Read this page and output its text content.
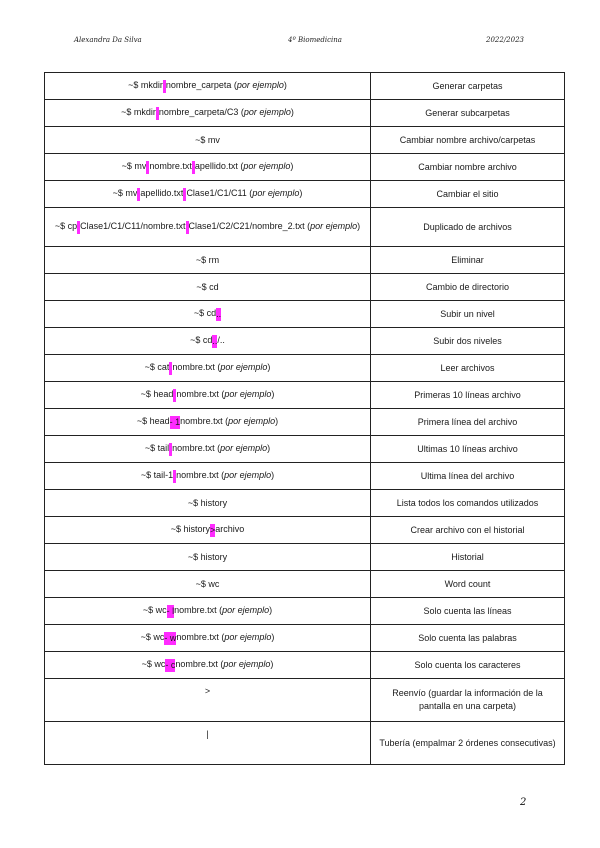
Alexandra Da Silva	4º Biomedicina	2022/2023
~$ mkdir nombre_carpeta (por ejemplo)	Generar carpetas
~$ mkdir nombre_carpeta/C3 (por ejemplo)	Generar subcarpetas
~$ mv	Cambiar nombre archivo/carpetas
~$ mv nombre.txt apellido.txt (por ejemplo)	Cambiar nombre archivo
~$ mv apellido.txt Clase1/C1/C11 (por ejemplo)	Cambiar el sitio
~$ cp Clase1/C1/C11/nombre.txt Clase1/C2/C21/nombre_2.txt (por ejemplo)	Duplicado de archivos
~$ rm	Eliminar
~$ cd	Cambio de directorio
~$ cd..	Subir un nivel
~$ cd../..	Subir dos niveles
~$ cat nombre.txt (por ejemplo)	Leer archivos
~$ head nombre.txt (por ejemplo)	Primeras 10 líneas archivo
~$ head- 1nombre.txt (por ejemplo)	Primera línea del archivo
~$ tail nombre.txt (por ejemplo)	Ultimas 10 líneas archivo
~$ tail-1 nombre.txt (por ejemplo)	Ultima línea del archivo
~$ history	Lista todos los comandos utilizados
~$ history>archivo	Crear archivo con el historial
~$ history	Historial
~$ wc	Word count
~$ wc- lnombre.txt (por ejemplo)	Solo cuenta las líneas
~$ wc- wnombre.txt (por ejemplo)	Solo cuenta las palabras
~$ wc- cnombre.txt (por ejemplo)	Solo cuenta los caracteres
>	Reenvío (guardar la información de la pantalla en una carpeta)
|	Tubería (empalmar 2 órdenes consecutivas)
2
